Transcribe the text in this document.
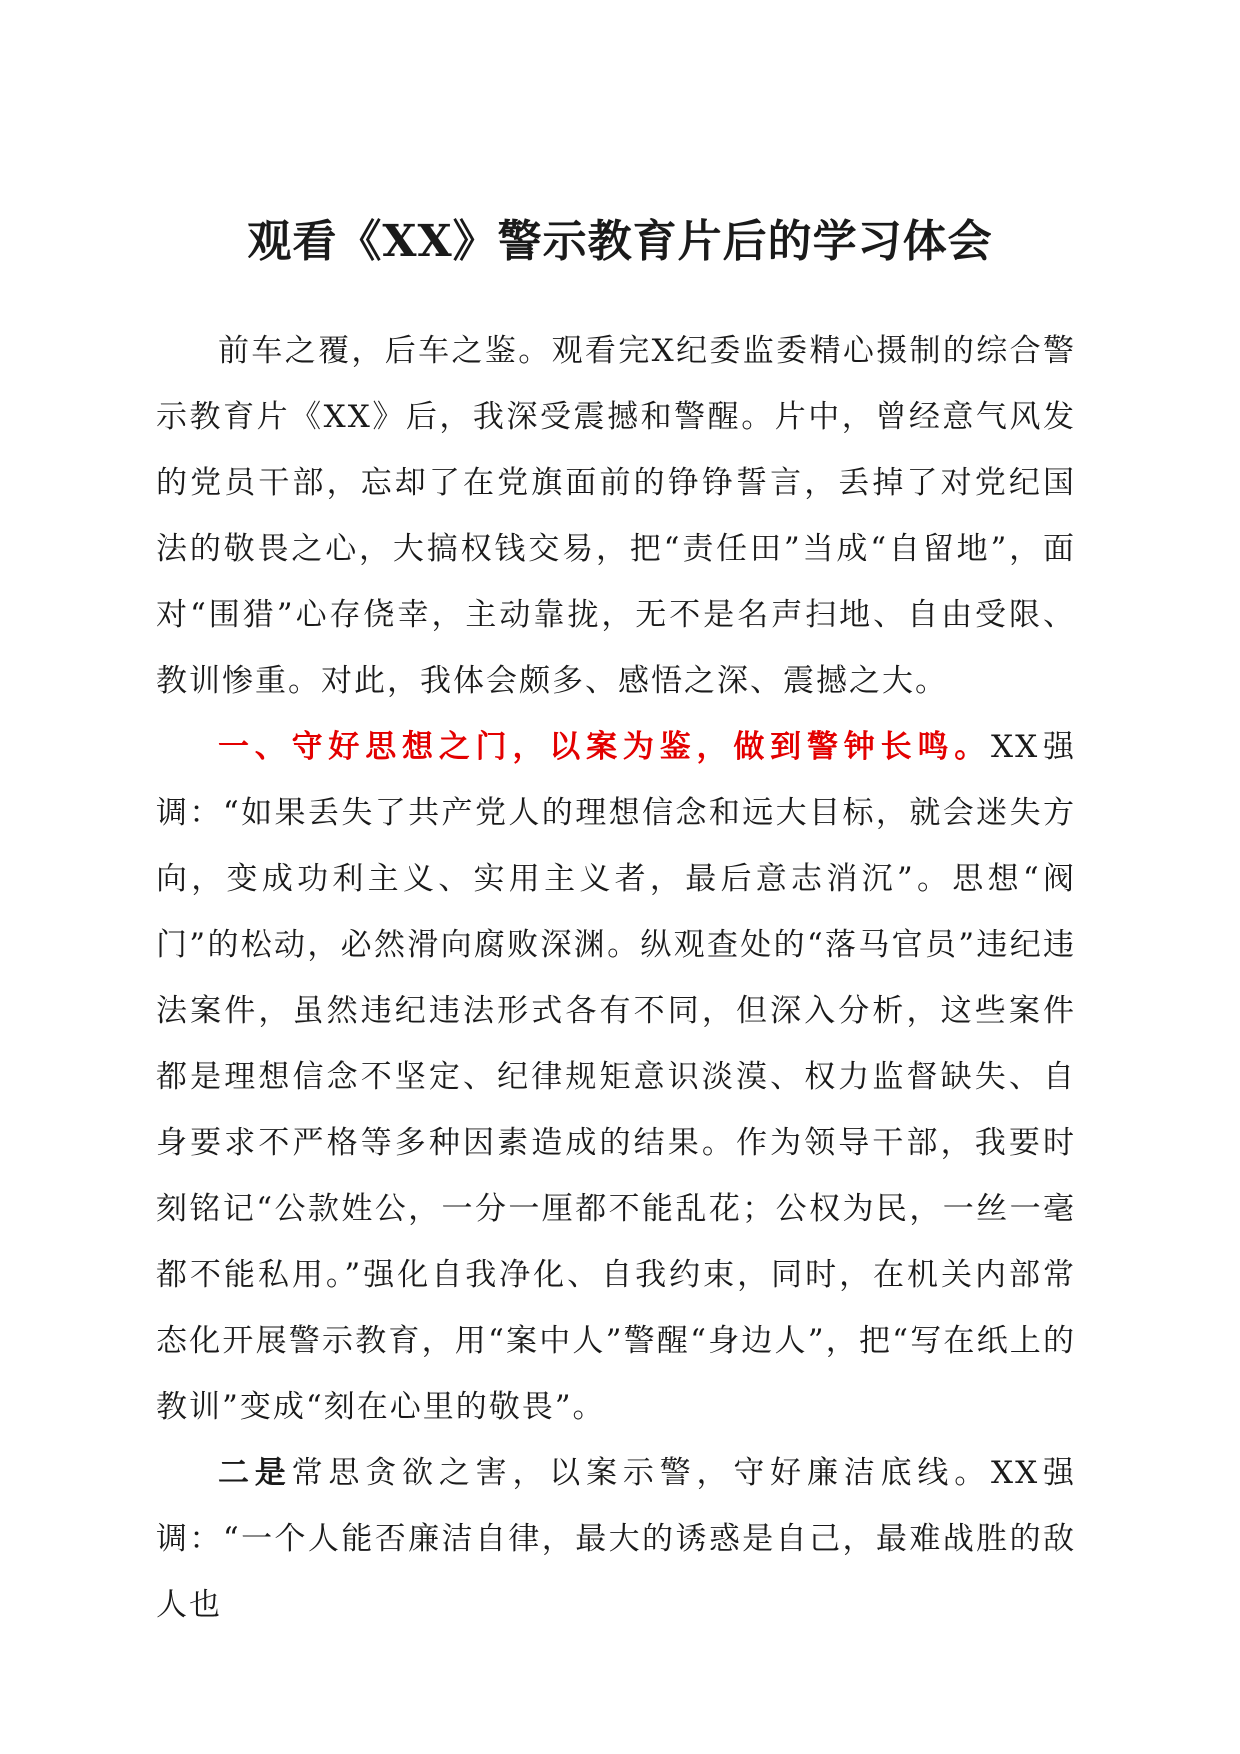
观看《XX》警示教育片后的学习体会

前车之覆，后车之鉴。观看完X纪委监委精心摄制的综合警示教育片《XX》后，我深受震撼和警醒。片中，曾经意气风发的党员干部，忘却了在党旗面前的铮铮誓言，丢掉了对党纪国法的敬畏之心，大搞权钱交易，把“责任田”当成“自留地”，面对“围猎”心存侥幸，主动靠拢，无不是名声扫地、自由受限、教训惨重。对此，我体会颇多、感悟之深、震撼之大。

一、守好思想之门，以案为鉴，做到警钟长鸣。XX强调：“如果丢失了共产党人的理想信念和远大目标，就会迷失方向，变成功利主义、实用主义者，最后意志消沉”。思想“阀门”的松动，必然滑向腐败深渊。纵观查处的“落马官员”违纪违法案件，虽然违纪违法形式各有不同，但深入分析，这些案件都是理想信念不坚定、纪律规矩意识淡漠、权力监督缺失、自身要求不严格等多种因素造成的结果。作为领导干部，我要时刻铭记“公款姓公，一分一厘都不能乱花；公权为民，一丝一毫都不能私用。”强化自我净化、自我约束，同时，在机关内部常态化开展警示教育，用“案中人”警醒“身边人”，把“写在纸上的教训”变成“刻在心里的敬畏”。

二是常思贪欲之害，以案示警，守好廉洁底线。XX强调：“一个人能否廉洁自律，最大的诱惑是自己，最难战胜的敌人也
